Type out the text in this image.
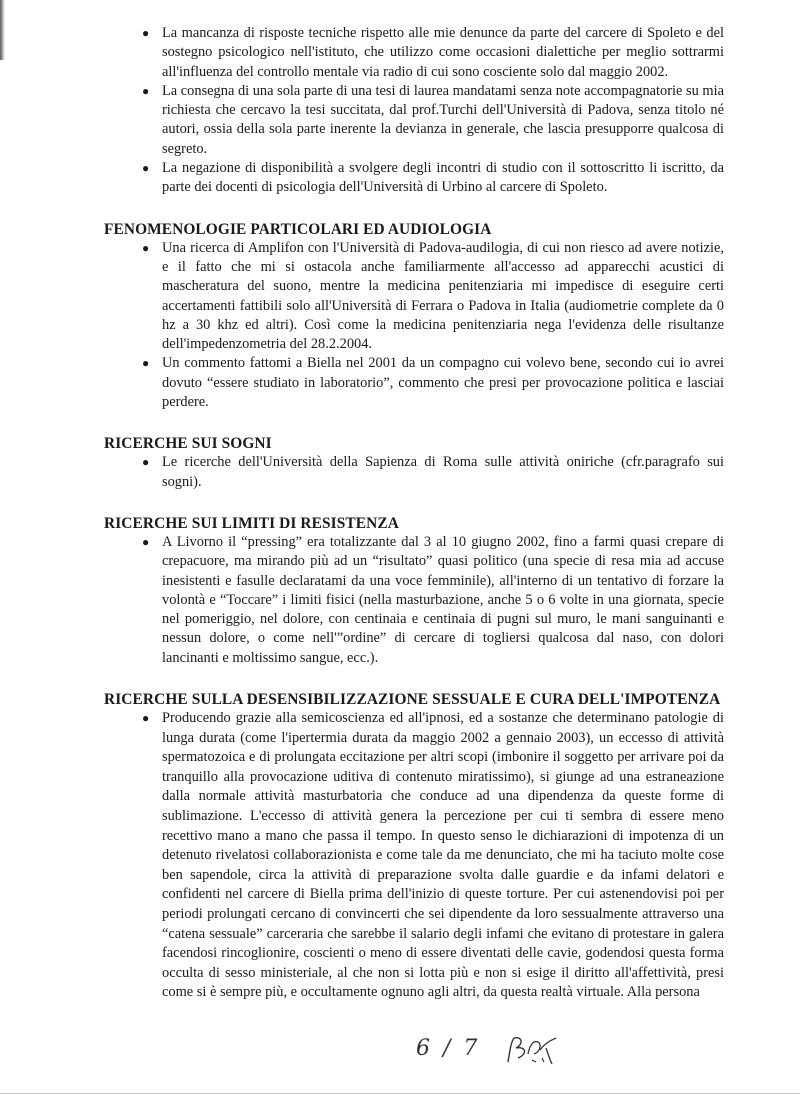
● La mancanza di risposte tecniche rispetto alle mie denunce da parte del carcere di Spoleto e del sostegno psicologico nell'istituto, che utilizzo come occasioni dialettiche per meglio sottrarmi all'influenza del controllo mentale via radio di cui sono cosciente solo dal maggio 2002.
● La consegna di una sola parte di una tesi di laurea mandatami senza note accompagnatorie su mia richiesta che cercavo la tesi succitata, dal prof.Turchi dell'Università di Padova, senza titolo né autori, ossia della sola parte inerente la devianza in generale, che lascia presupporre qualcosa di segreto.
● La negazione di disponibilità a svolgere degli incontri di studio con il sottoscritto li iscritto, da parte dei docenti di psicologia dell'Università di Urbino al carcere di Spoleto.
FENOMENOLOGIE PARTICOLARI ED AUDIOLOGIA
● Una ricerca di Amplifon con l'Università di Padova-audilogia, di cui non riesco ad avere notizie, e il fatto che mi si ostacola anche familiarmente all'accesso ad apparecchi acustici di mascheratura del suono, mentre la medicina penitenziaria mi impedisce di eseguire certi accertamenti fattibili solo all'Università di Ferrara o Padova in Italia (audiometrie complete da 0 hz a 30 khz ed altri). Così come la medicina penitenziaria nega l'evidenza delle risultanze dell'impedenzometria del 28.2.2004.
● Un commento fattomi a Biella nel 2001 da un compagno cui volevo bene, secondo cui io avrei dovuto “essere studiato in laboratorio”, commento che presi per provocazione politica e lasciai perdere.
RICERCHE SUI SOGNI
● Le ricerche dell'Università della Sapienza di Roma sulle attività oniriche (cfr.paragrafo sui sogni).
RICERCHE SUI LIMITI DI RESISTENZA
● A Livorno il “pressing” era totalizzante dal 3 al 10 giugno 2002, fino a farmi quasi crepare di crepacuore, ma mirando più ad un “risultato” quasi politico (una specie di resa mia ad accuse inesistenti e fasulle declaratami da una voce femminile), all'interno di un tentativo di forzare la volontà e “Toccare” i limiti fisici (nella masturbazione, anche 5 o 6 volte in una giornata, specie nel pomeriggio, nel dolore, con centinaia e centinaia di pugni sul muro, le mani sanguinanti e nessun dolore, o come nell'”ordine” di cercare di togliersi qualcosa dal naso, con dolori lancinanti e moltissimo sangue, ecc.).
RICERCHE SULLA DESENSIBILIZZAZIONE SESSUALE E CURA DELL'IMPOTENZA
● Producendo grazie alla semicoscienza ed all'ipnosi, ed a sostanze che determinano patologie di lunga durata (come l'ipertermia durata da maggio 2002 a gennaio 2003), un eccesso di attività spermatozoica e di prolungata eccitazione per altri scopi (imbonire il soggetto per arrivare poi da tranquillo alla provocazione uditiva di contenuto miratissimo), si giunge ad una estraneazione dalla normale attività masturbatoria che conduce ad una dipendenza da queste forme di sublimazione. L'eccesso di attività genera la percezione per cui ti sembra di essere meno recettivo mano a mano che passa il tempo. In questo senso le dichiarazioni di impotenza di un detenuto rivelatosi collaborazionista e come tale da me denunciato, che mi ha taciuto molte cose ben sapendole, circa la attività di preparazione svolta dalle guardie e da infami delatori e confidenti nel carcere di Biella prima dell'inizio di queste torture. Per cui astenendovisi poi per periodi prolungati cercano di convincerti che sei dipendente da loro sessualmente attraverso una “catena sessuale” carceraria che sarebbe il salario degli infami che evitano di protestare in galera facendosi rincoglionire, coscienti o meno di essere diventati delle cavie, godendosi questa forma occulta di sesso ministeriale, al che non si lotta più e non si esige il diritto all'affettività, presi come si è sempre più, e occultamente ognuno agli altri, da questa realtà virtuale. Alla persona
6 / 7
